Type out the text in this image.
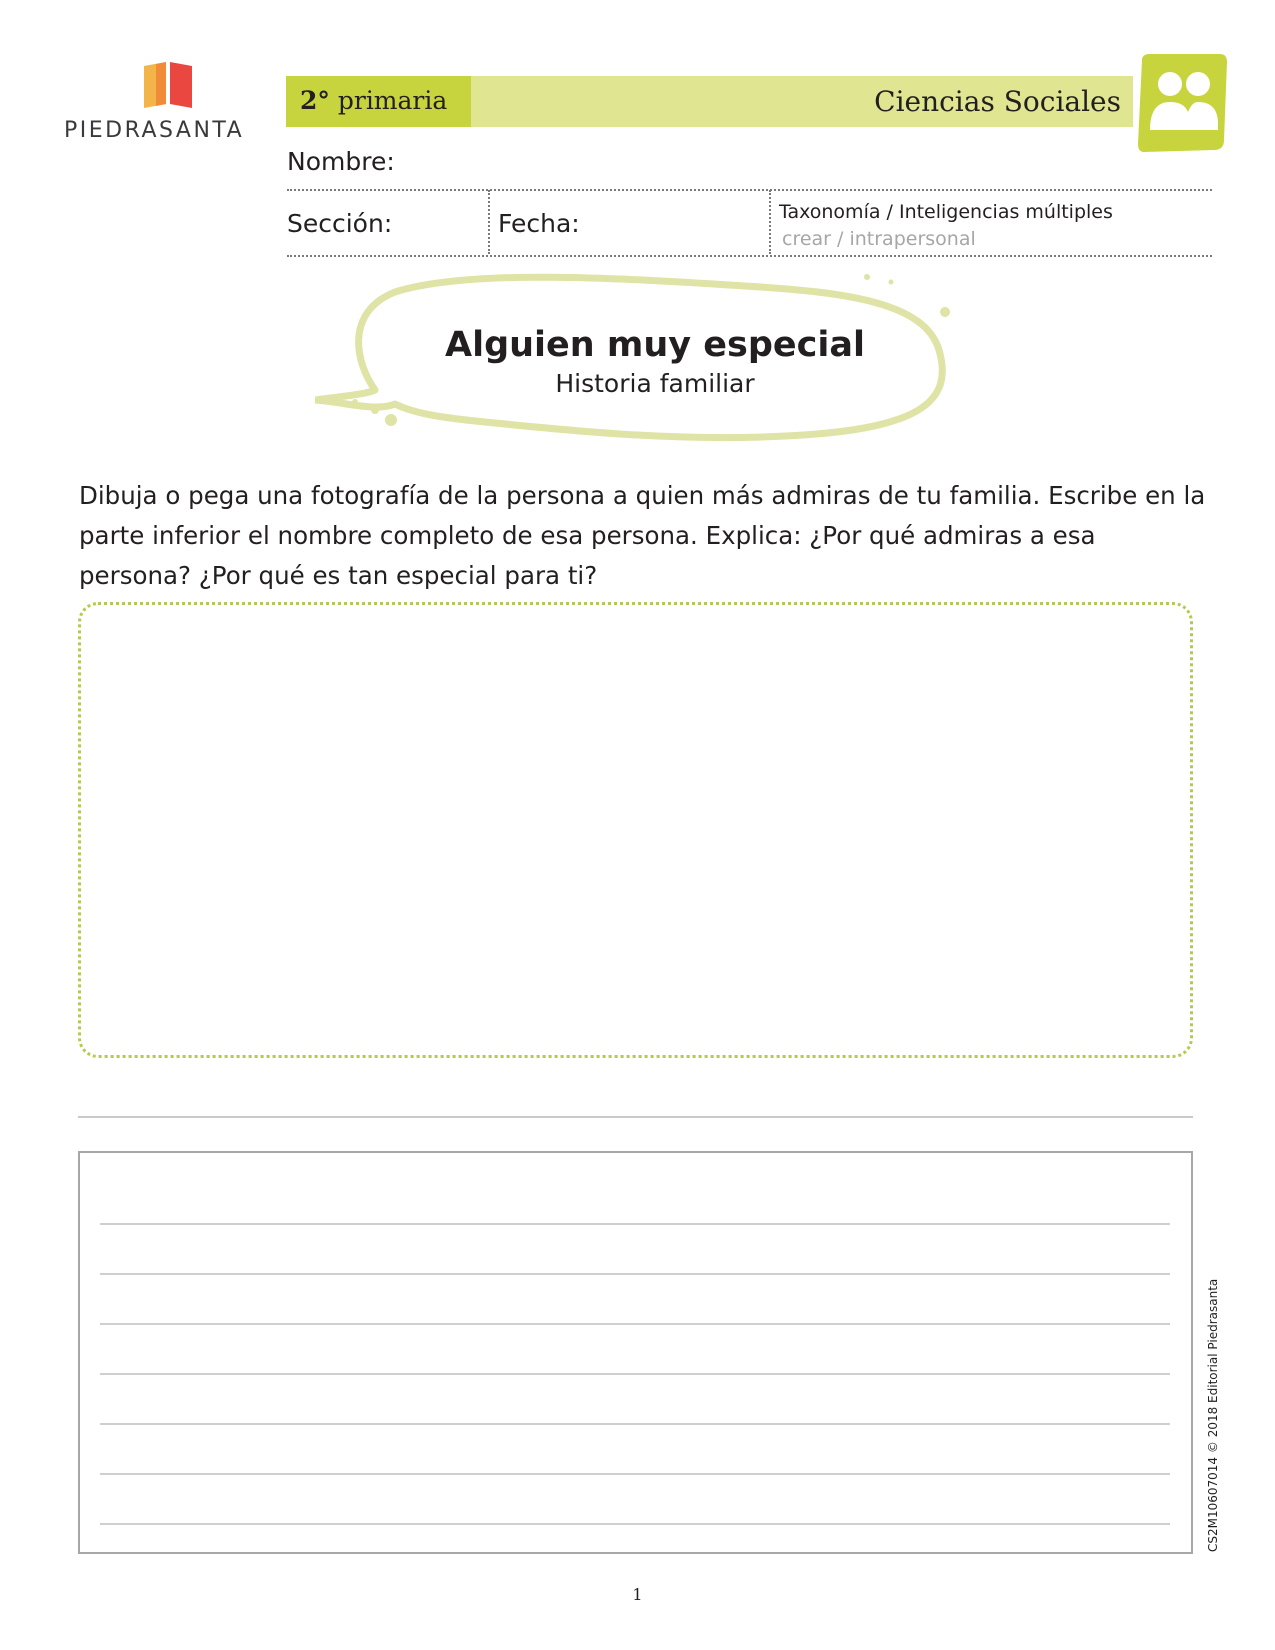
PIEDRASANTA
2° primaria	Ciencias Sociales
Nombre:
Sección:	Fecha:	Taxonomía / Inteligencias múltiples
crear / intrapersonal
Alguien muy especial
Historia familiar
Dibuja o pega una fotografía de la persona a quien más admiras de tu familia. Escribe en la parte inferior el nombre completo de esa persona. Explica: ¿Por qué admiras a esa persona? ¿Por qué es tan especial para ti?
CS2M10607014 © 2018 Editorial Piedrasanta
1
